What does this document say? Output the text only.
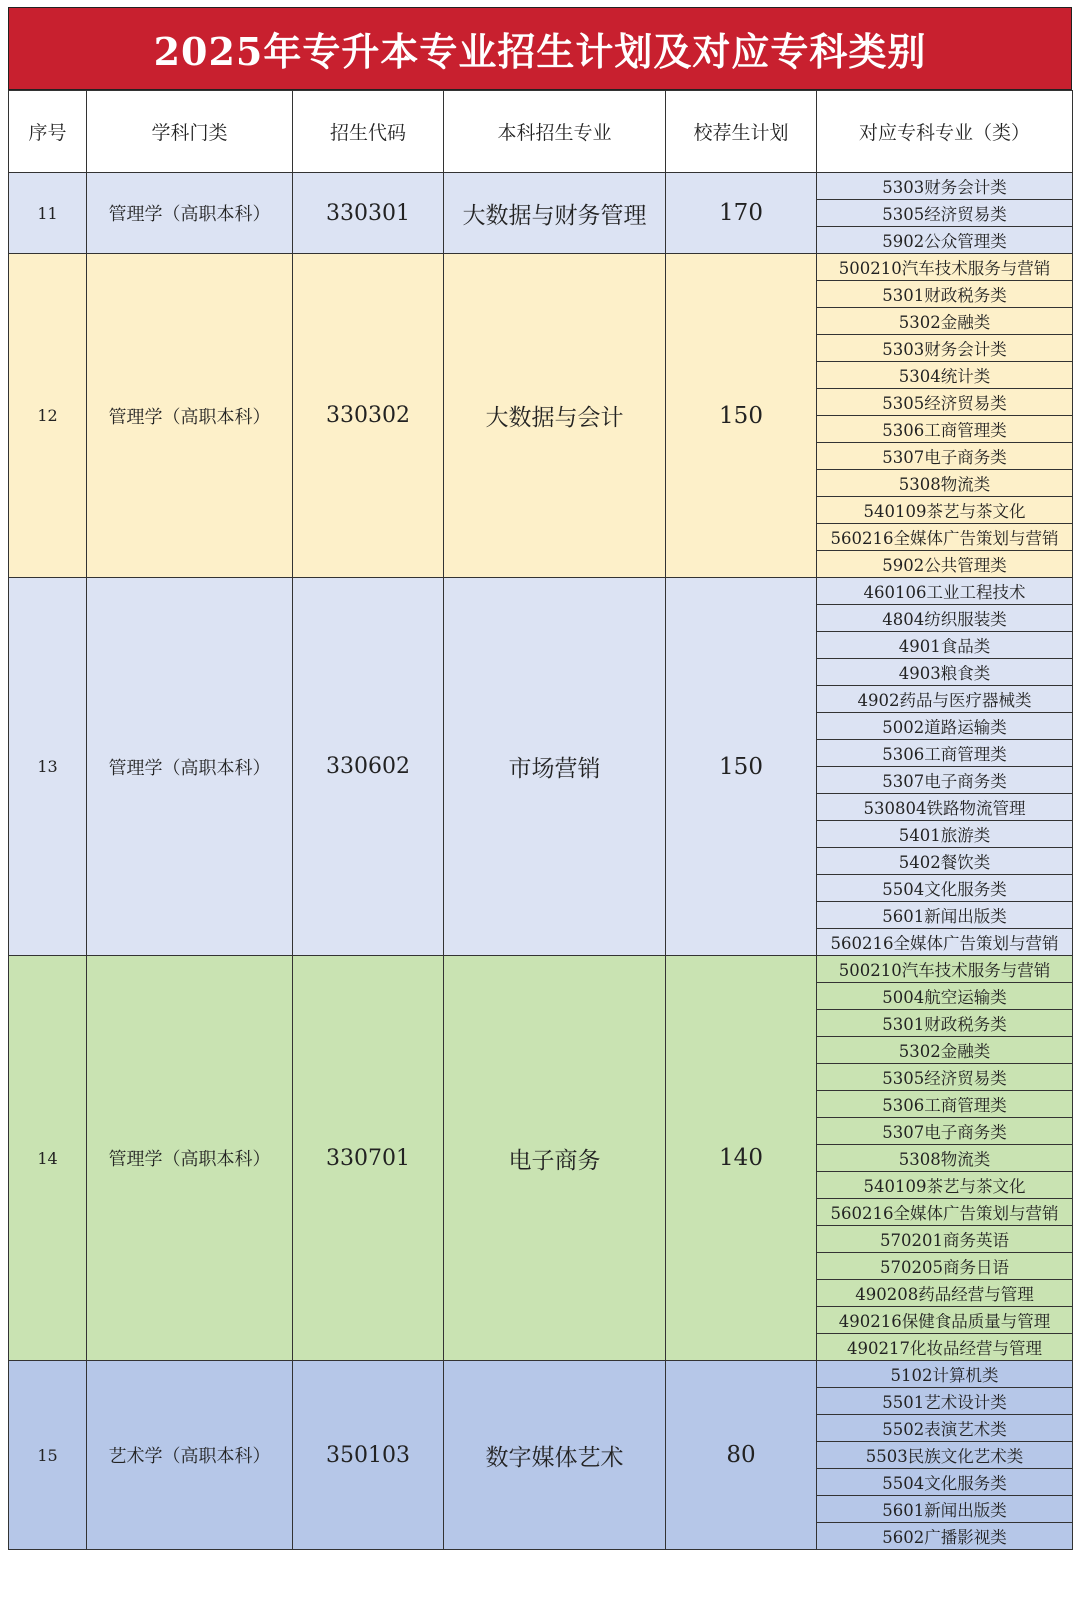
2025年专升本专业招生计划及对应专科类别
序号	学科门类	招生代码	本科招生专业	校荐生计划	对应专科专业（类）
11	管理学（高职本科）	330301	大数据与财务管理	170	5303财务会计类
					5305经济贸易类
					5902公众管理类
12	管理学（高职本科）	330302	大数据与会计	150	500210汽车技术服务与营销
					5301财政税务类
					5302金融类
					5303财务会计类
					5304统计类
					5305经济贸易类
					5306工商管理类
					5307电子商务类
					5308物流类
					540109茶艺与茶文化
					560216全媒体广告策划与营销
					5902公共管理类
13	管理学（高职本科）	330602	市场营销	150	460106工业工程技术
					4804纺织服装类
					4901食品类
					4903粮食类
					4902药品与医疗器械类
					5002道路运输类
					5306工商管理类
					5307电子商务类
					530804铁路物流管理
					5401旅游类
					5402餐饮类
					5504文化服务类
					5601新闻出版类
					560216全媒体广告策划与营销
14	管理学（高职本科）	330701	电子商务	140	500210汽车技术服务与营销
					5004航空运输类
					5301财政税务类
					5302金融类
					5305经济贸易类
					5306工商管理类
					5307电子商务类
					5308物流类
					540109茶艺与茶文化
					560216全媒体广告策划与营销
					570201商务英语
					570205商务日语
					490208药品经营与管理
					490216保健食品质量与管理
					490217化妆品经营与管理
15	艺术学（高职本科）	350103	数字媒体艺术	80	5102计算机类
					5501艺术设计类
					5502表演艺术类
					5503民族文化艺术类
					5504文化服务类
					5601新闻出版类
					5602广播影视类
